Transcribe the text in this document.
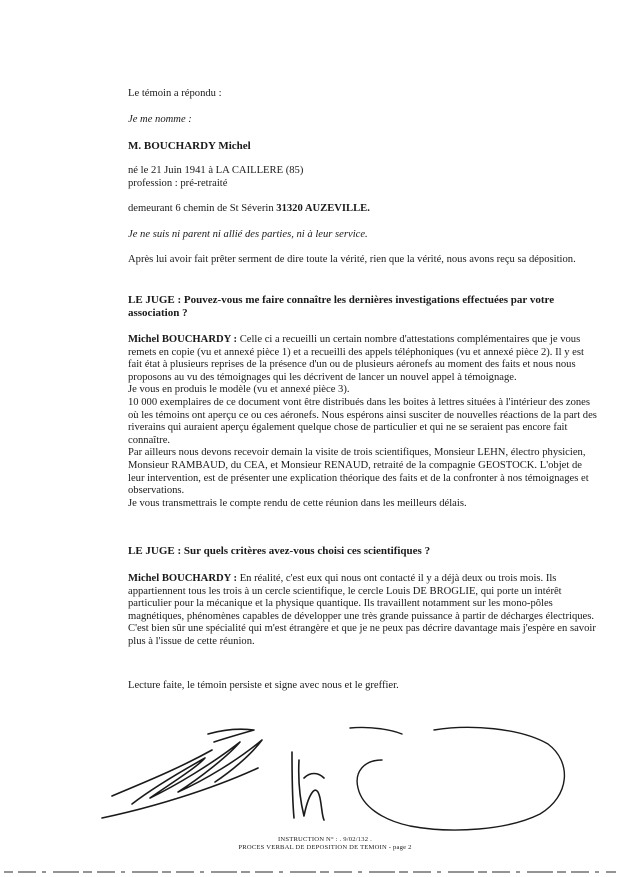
Le témoin a répondu :

Je me nomme :

M. BOUCHARDY Michel

né le 21 Juin 1941 à LA CAILLERE (85)

profession : pré-retraité

demeurant 6 chemin de St Séverin 31320 AUZEVILLE.

Je ne suis ni parent ni allié des parties, ni à leur service.

Après lui avoir fait prêter serment de dire toute la vérité, rien que la vérité, nous avons reçu sa déposition.

LE JUGE : Pouvez-vous me faire connaître les dernières investigations effectuées par votre association ?

Michel BOUCHARDY : Celle ci a recueilli un certain nombre d'attestations complémentaires que je vous remets en copie (vu et annexé pièce 1) et a recueilli des appels téléphoniques (vu et annexé pièce 2). Il y est fait état à plusieurs reprises de la présence d'un ou de plusieurs aéronefs au moment des faits et nous nous proposons au vu des témoignages qui les décrivent de lancer un nouvel appel à témoignage.
Je vous en produis le modèle (vu et annexé pièce 3).
10 000 exemplaires de ce document vont être distribués dans les boites à lettres situées à l'intérieur des zones où les témoins ont aperçu ce ou ces aéronefs. Nous espérons ainsi susciter de nouvelles réactions de la part des riverains qui auraient aperçu également quelque chose de particulier et qui ne se seraient pas encore fait connaître.
Par ailleurs nous devons recevoir demain la visite de trois scientifiques, Monsieur LEHN, électro physicien, Monsieur RAMBAUD, du CEA, et Monsieur RENAUD, retraité de la compagnie GEOSTOCK. L'objet de leur intervention, est de présenter une explication théorique des faits et de la confronter à nos témoignages et observations.
Je vous transmettrais le compte rendu de cette réunion dans les meilleurs délais.

LE JUGE : Sur quels critères avez-vous choisi ces scientifiques ?

Michel BOUCHARDY : En réalité, c'est eux qui nous ont contacté il y a déjà deux ou trois mois. Ils appartiennent tous les trois à un cercle scientifique, le cercle Louis DE BROGLIE, qui porte un intérêt particulier pour la mécanique et la physique quantique. Ils travaillent notamment sur les mono-pôles magnétiques, phénomènes capables de développer une très grande puissance à partir de décharges électriques. C'est bien sûr une spécialité qui m'est étrangère et que je ne peux pas décrire davantage mais j'espère en savoir plus à l'issue de cette réunion.

Lecture faite, le témoin persiste et signe avec nous et le greffier.

INSTRUCTION N° : . 9/02/132 .
PROCES VERBAL DE DEPOSITION DE TEMOIN - page 2
